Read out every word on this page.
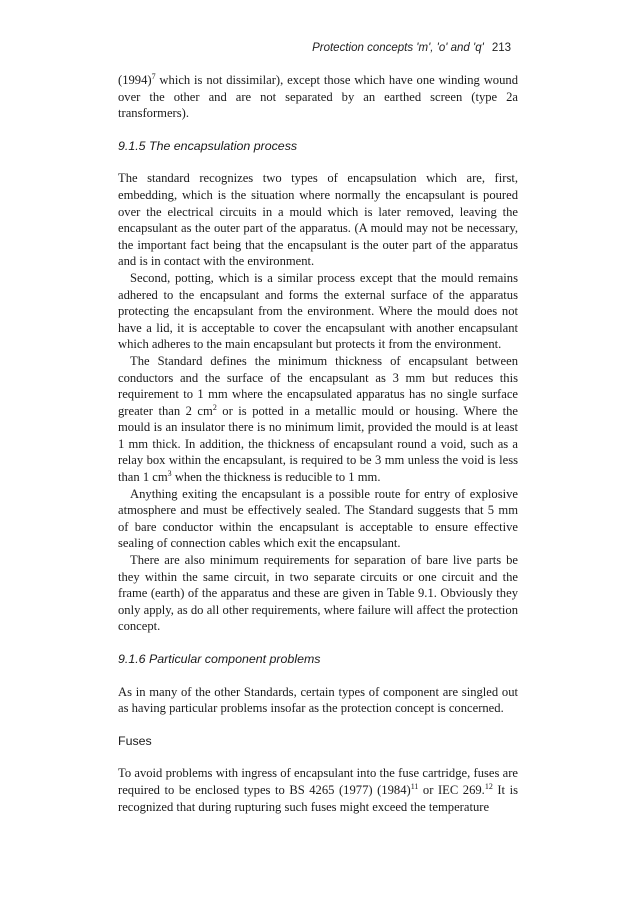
Protection concepts 'm', 'o' and 'q' 213

$(1994)^7$ which is not dissimilar), except those which have one winding wound over the other and are not separated by an earthed screen (type 2a transformers).

9.1.5 The encapsulation process

The standard recognizes two types of encapsulation which are, first, embedding, which is the situation where normally the encapsulant is poured over the electrical circuits in a mould which is later removed, leaving the encapsulant as the outer part of the apparatus. (A mould may not be necessary, the important fact being that the encapsulant is the outer part of the apparatus and is in contact with the environment.

Second, potting, which is a similar process except that the mould remains adhered to the encapsulant and forms the external surface of the apparatus protecting the encapsulant from the environment. Where the mould does not have a lid, it is acceptable to cover the encapsulant with another encapsulant which adheres to the main encapsulant but protects it from the environment.

The Standard defines the minimum thickness of encapsulant between conductors and the surface of the encapsulant as 3 mm but reduces this requirement to 1 mm where the encapsulated apparatus has no single surface greater than 2 $cm^2$ or is potted in a metallic mould or housing. Where the mould is an insulator there is no minimum limit, provided the mould is at least 1 mm thick. In addition, the thickness of encapsulant round a void, such as a relay box within the encapsulant, is required to be 3 mm unless the void is less than 1 $cm^3$ when the thickness is reducible to 1 mm.

Anything exiting the encapsulant is a possible route for entry of explosive atmosphere and must be effectively sealed. The Standard suggests that 5 mm of bare conductor within the encapsulant is acceptable to ensure effective sealing of connection cables which exit the encapsulant.

There are also minimum requirements for separation of bare live parts be they within the same circuit, in two separate circuits or one circuit and the frame (earth) of the apparatus and these are given in Table 9.1. Obviously they only apply, as do all other requirements, where failure will affect the protection concept.

9.1.6 Particular component problems

As in many of the other Standards, certain types of component are singled out as having particular problems insofar as the protection concept is concerned.

Fuses

To avoid problems with ingress of encapsulant into the fuse cartridge, fuses are required to be enclosed types to BS 4265 (1977) $(1984)^{11}$ or IEC 269.12 It is recognized that during rupturing such fuses might exceed the temperature
